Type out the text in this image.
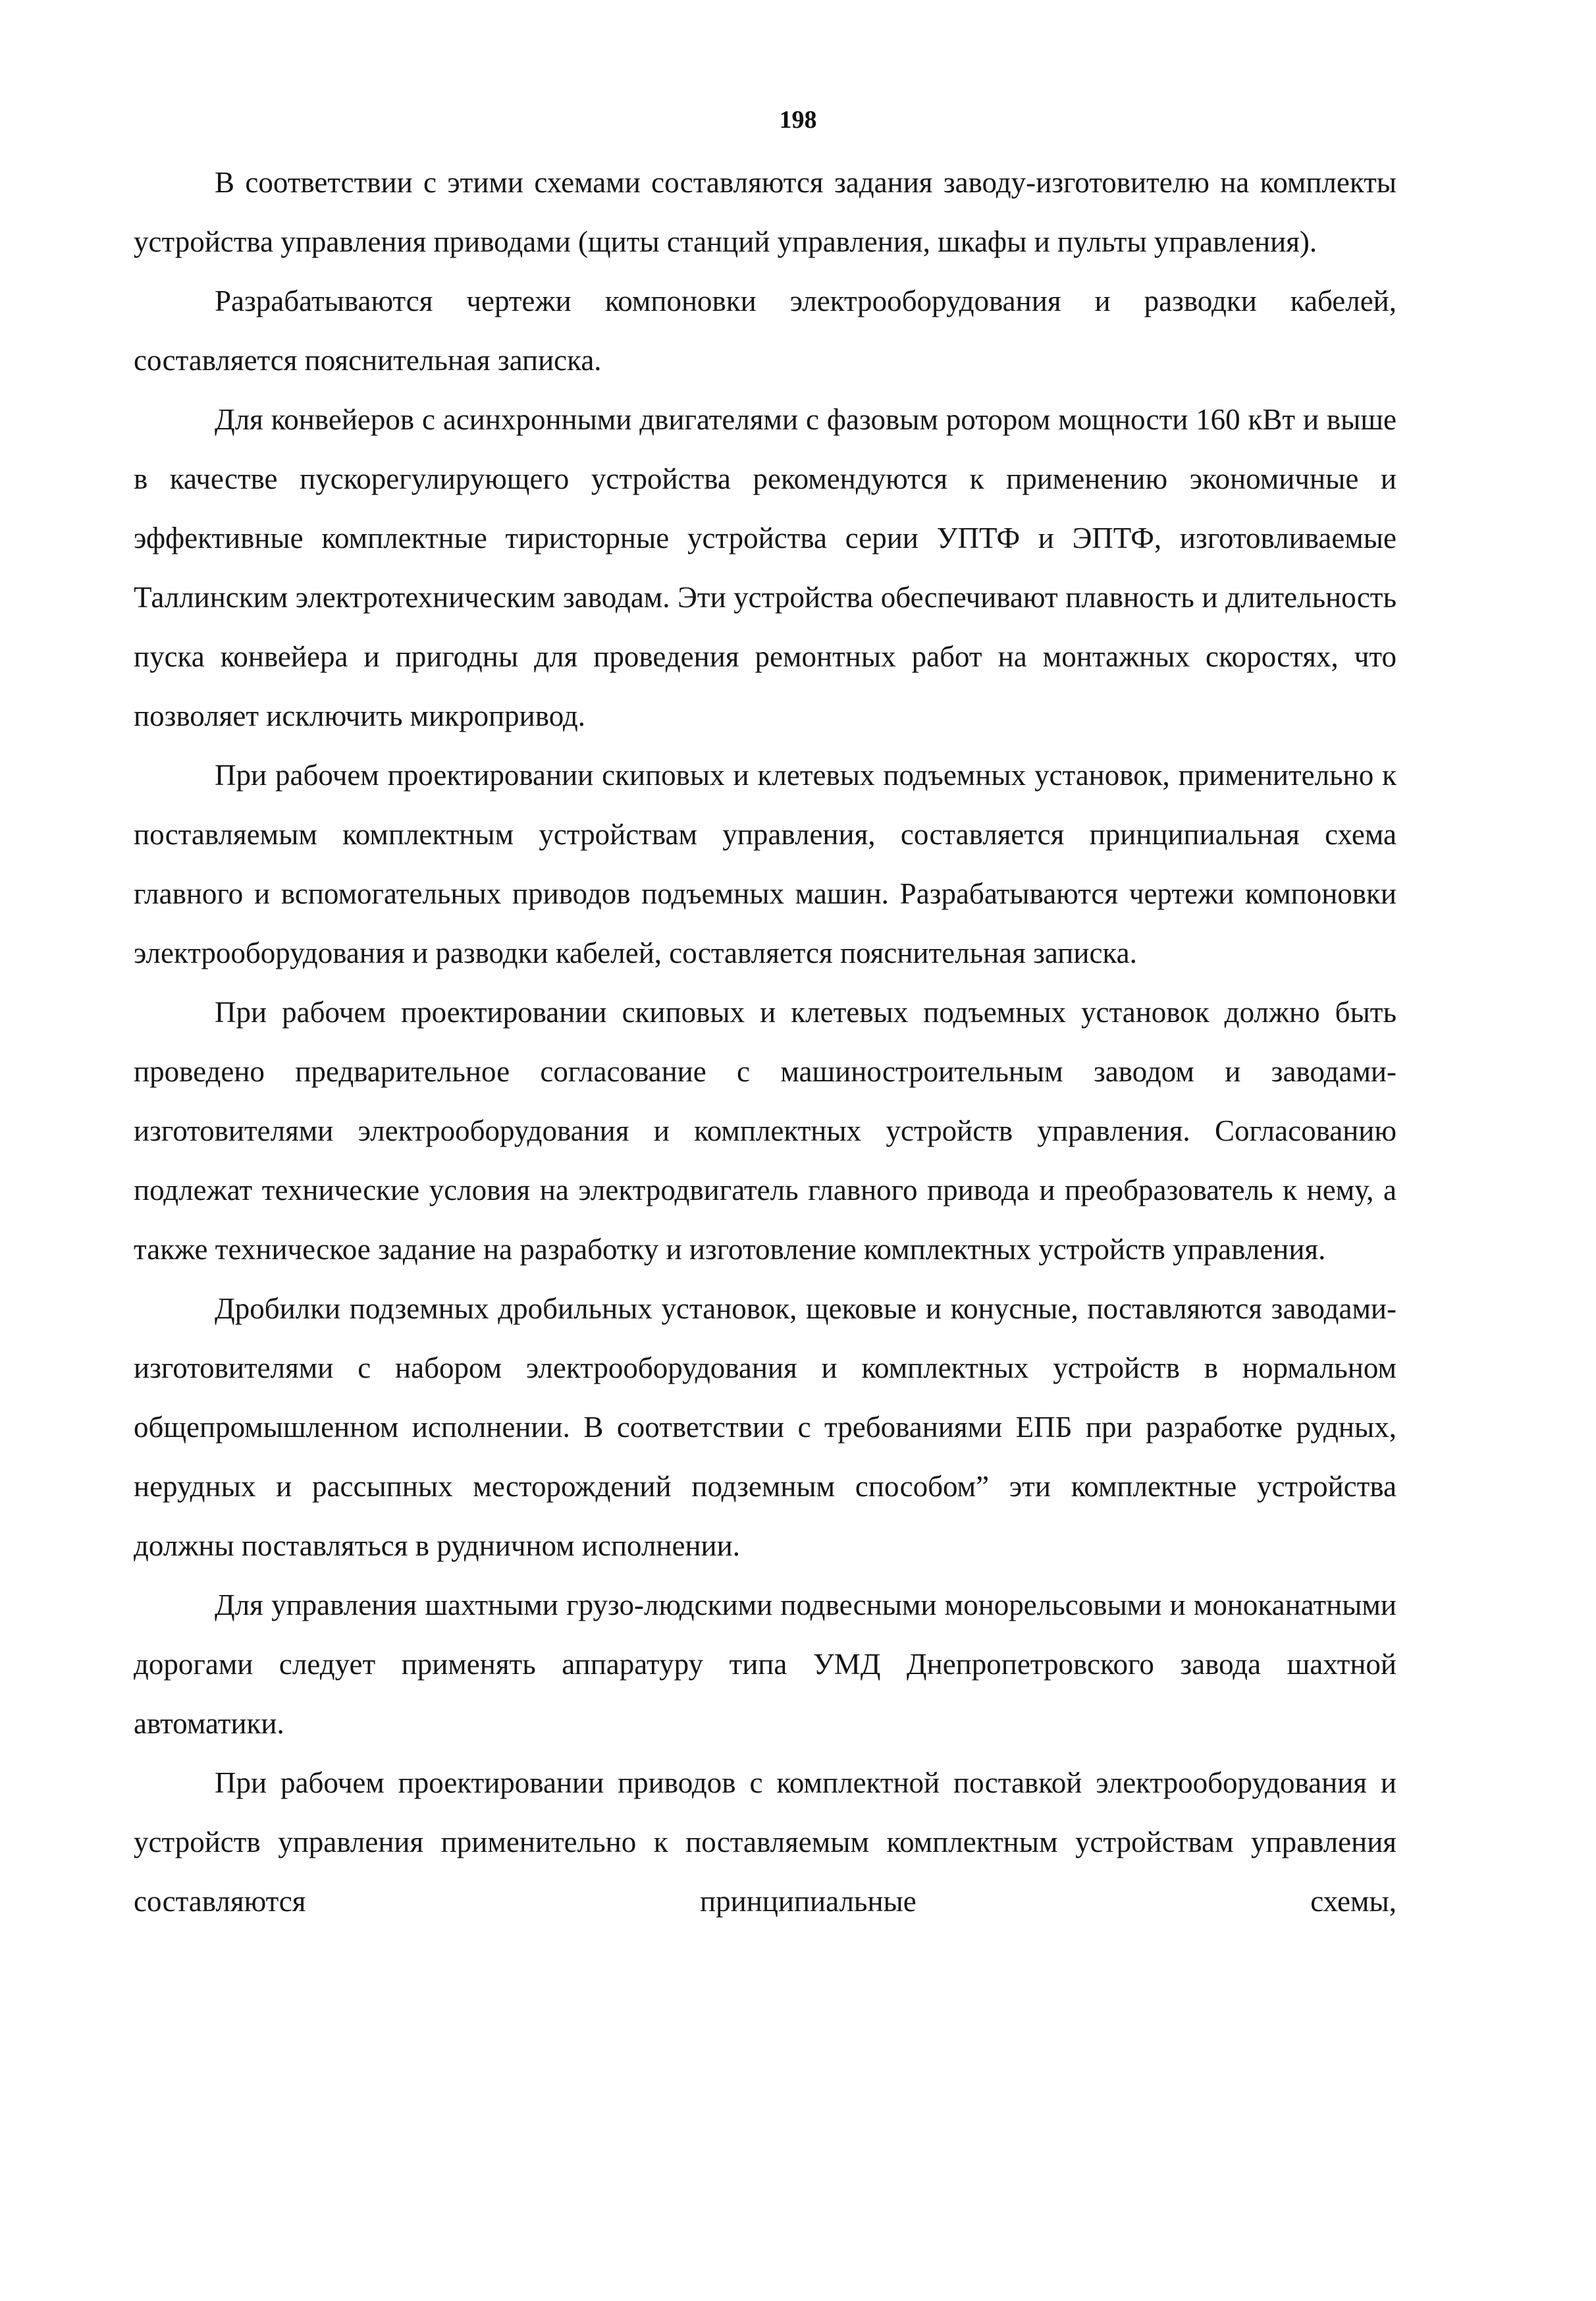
198

В соответствии с этими схемами составляются задания заводу-изготовителю на комплекты устройства управления приводами (щиты станций управления, шкафы и пульты управления).

Разрабатываются чертежи компоновки электрооборудования и разводки кабелей, составляется пояснительная записка.

Для конвейеров с асинхронными двигателями с фазовым ротором мощности 160 кВт и выше в качестве пускорегулирующего устройства рекомендуются к применению экономичные и эффективные комплектные тиристорные устройства серии УПТФ и ЭПТФ, изготовливаемые Таллинским электротехническим заводам. Эти устройства обеспечивают плавность и длительность пуска конвейера и пригодны для проведения ремонтных работ на монтажных скоростях, что позволяет исключить микропривод.

При рабочем проектировании скиповых и клетевых подъемных установок, применительно к поставляемым комплектным устройствам управления, составляется принципиальная схема главного и вспомогательных приводов подъемных машин. Разрабатываются чертежи компоновки электрооборудования и разводки кабелей, составляется пояснительная записка.

При рабочем проектировании скиповых и клетевых подъемных установок должно быть проведено предварительное согласование с машиностроительным заводом и заводами-изготовителями электрооборудования и комплектных устройств управления. Согласованию подлежат технические условия на электродвигатель главного привода и преобразователь к нему, а также техническое задание на разработку и изготовление комплектных устройств управления.

Дробилки подземных дробильных установок, щековые и конусные, поставляются заводами-изготовителями с набором электрооборудования и комплектных устройств в нормальном общепромышленном исполнении. В соответствии с требованиями ЕПБ при разработке рудных, нерудных и рассыпных месторождений подземным способом” эти комплектные устройства должны поставляться в рудничном исполнении.

Для управления шахтными грузо-людскими подвесными монорельсовыми и моноканатными дорогами следует применять аппаратуру типа УМД Днепропетровского завода шахтной автоматики.

При рабочем проектировании приводов с комплектной поставкой электрооборудования и устройств управления применительно к поставляемым комплектным устройствам управления составляются принципиальные схемы,
